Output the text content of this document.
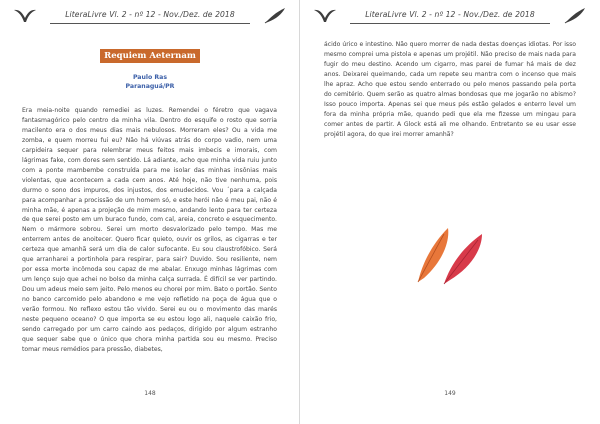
LiteraLivre Vl. 2 - nº 12 - Nov./Dez. de 2018
Requiem Aeternam
Paulo Ras
Paranaguá/PR

Era meia-noite quando remediei as luzes. Remendei o féretro que vagava fantasmagórico pelo centro da minha vila. Dentro do esquife o rosto que sorria macilento era o dos meus dias mais nebulosos. Morreram eles? Ou a vida me zomba, e quem morreu fui eu? Não há viúvas atrás do corpo vadio, nem uma carpideira sequer para relembrar meus feitos mais imbecis e imorais, com lágrimas fake, com dores sem sentido. Lá adiante, acho que minha vida ruiu junto com a ponte mambembe construída para me isolar das minhas insônias mais violentas, que acontecem a cada cem anos. Até hoje, não tive nenhuma, pois durmo o sono dos impuros, dos injustos, dos emudecidos. Vou ´para a calçada para acompanhar a procissão de um homem só, e este herói não é meu pai, não é minha mãe, é apenas a projeção de mim mesmo, andando lento para ter certeza de que serei posto em um buraco fundo, com cal, areia, concreto e esquecimento. Nem o mármore sobrou. Serei um morto desvalorizado pelo tempo. Mas me enterrem antes de anoitecer. Quero ficar quieto, ouvir os grilos, as cigarras e ter certeza que amanhã será um dia de calor sufocante. Eu sou claustrofóbico. Será que arranharei a portinhola para respirar, para sair? Duvido. Sou resiliente, nem por essa morte incômoda sou capaz de me abalar. Enxugo minhas lágrimas com um lenço sujo que achei no bolso da minha calça surrada. É difícil se ver partindo. Dou um adeus meio sem jeito. Pelo menos eu chorei por mim. Bato o portão. Sento no banco carcomido pelo abandono e me vejo refletido na poça de água que o verão formou. No reflexo estou tão vivido. Serei eu ou o movimento das marés neste pequeno oceano? O que importa se eu estou logo ali, naquele caixão frio, sendo carregado por um carro caindo aos pedaços, dirigido por algum estranho que sequer sabe que o único que chora minha partida sou eu mesmo. Preciso tomar meus remédios para pressão, diabetes,

148
LiteraLivre Vl. 2 - nº 12 - Nov./Dez. de 2018

ácido úrico e intestino. Não quero morrer de nada destas doenças idiotas. Por isso mesmo comprei uma pistola e apenas um projétil. Não preciso de mais nada para fugir do meu destino. Acendo um cigarro, mas parei de fumar há mais de dez anos. Deixarei queimando, cada um repete seu mantra com o incenso que mais lhe apraz. Acho que estou sendo enterrado ou pelo menos passando pela porta do cemitério. Quem serão as quatro almas bondosas que me jogarão no abismo? Isso pouco importa. Apenas sei que meus pés estão gelados e enterro level um fora da minha própria mãe, quando pedi que ela me fizesse um mingau para comer antes de partir. A Glock está ali me olhando. Entretanto se eu usar esse projétil agora, do que irei morrer amanhã?

149
